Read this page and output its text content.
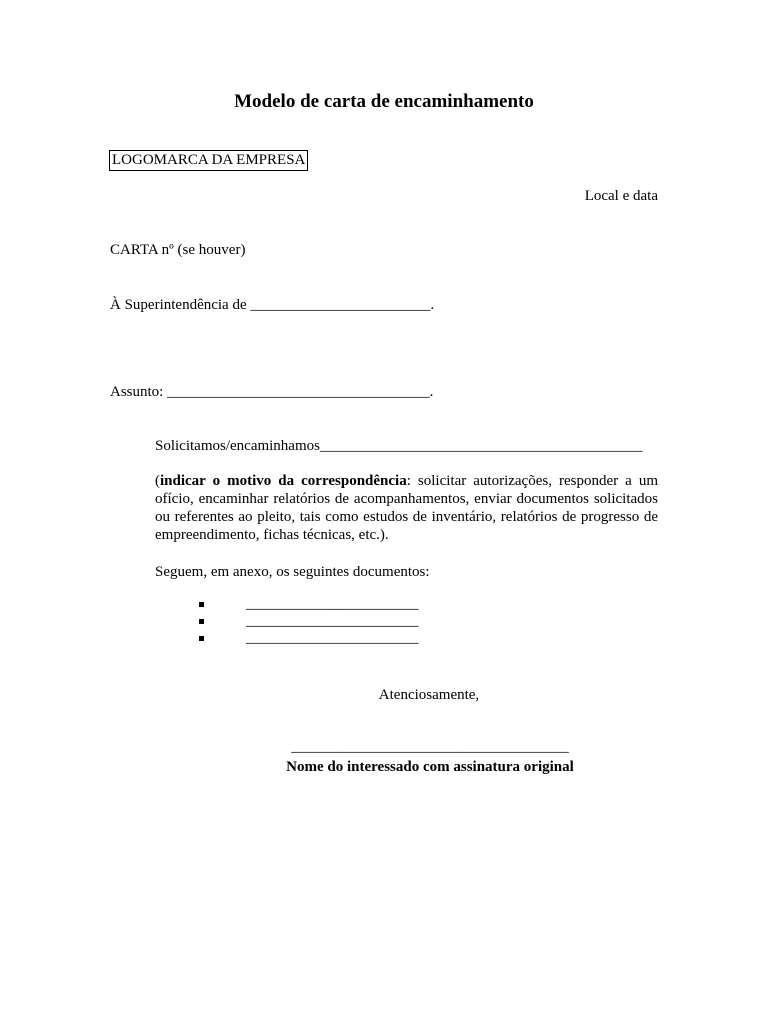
Modelo de carta de encaminhamento
LOGOMARCA DA EMPRESA
Local e data
CARTA nº (se houver)
À Superintendência de ________________________.
Assunto: ___________________________________.
Solicitamos/encaminhamos___________________________________________
(indicar o motivo da correspondência: solicitar autorizações, responder a um ofício, encaminhar relatórios de acompanhamentos, enviar documentos solicitados ou referentes ao pleito, tais como estudos de inventário, relatórios de progresso de empreendimento, fichas técnicas, etc.).
Seguem, em anexo, os seguintes documentos:
_______________________
_______________________
_______________________
Atenciosamente,
_____________________________________
Nome do interessado com assinatura original
